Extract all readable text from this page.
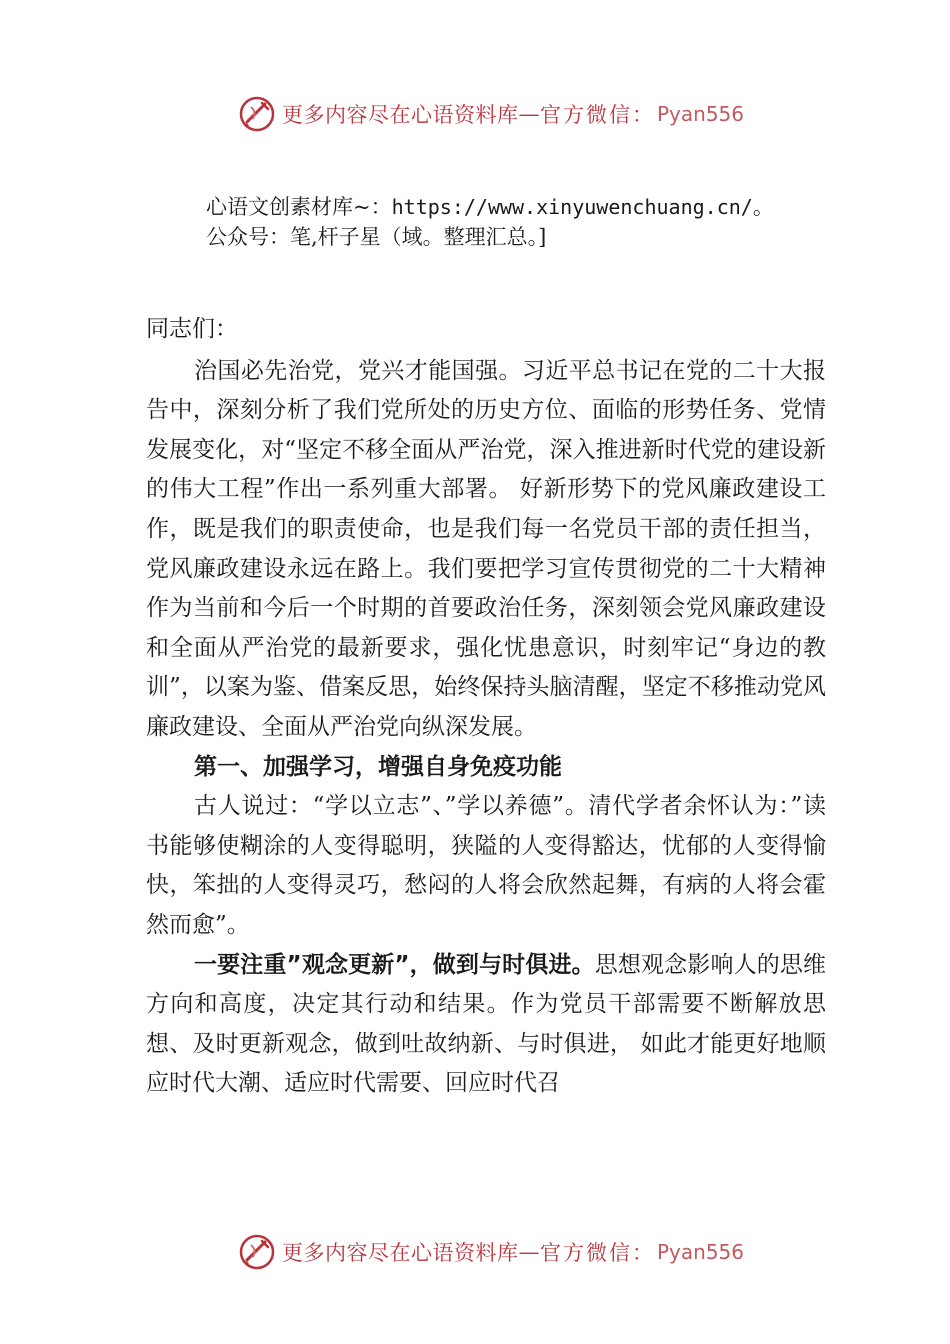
更多内容尽在心语资料库 — 官方微信： Pyan556
心语文创素材库~：https://www.xinyuwenchuang.cn/。
公众号：笔,杆子星（域。整理汇总。]

同志们：

治国必先治党，党兴才能国强。习近平总书记在党的二十大报告中，深刻分析了我们党所处的历史方位、面临的形势任务、党情发展变化，对“坚定不移全面从严治党，深入推进新时代党的建设新的伟大工程”作出一系列重大部署。 好新形势下的党风廉政建设工作，既是我们的职责使命，也是我们每一名党员干部的责任担当，党风廉政建设永远在路上。我们要把学习宣传贯彻党的二十大精神作为当前和今后一个时期的首要政治任务，深刻领会党风廉政建设和全面从严治党的最新要求，强化忧患意识，时刻牢记“身边的教训”，以案为鉴、借案反思，始终保持头脑清醒，坚定不移推动党风廉政建设、全面从严治党向纵深发展。

第一、加强学习，增强自身免疫功能

古人说过：“学以立志”、”学以养德”。清代学者余怀认为：”读书能够使糊涂的人变得聪明，狭隘的人变得豁达，忧郁的人变得愉快，笨拙的人变得灵巧，愁闷的人将会欣然起舞，有病的人将会霍然而愈”。

一要注重”观念更新”，做到与时俱进。思想观念影响人的思维方向和高度，决定其行动和结果。作为党员干部需要不断解放思想、及时更新观念，做到吐故纳新、与时俱进， 如此才能更好地顺应时代大潮、适应时代需要、回应时代召

更多内容尽在心语资料库 — 官方微信： Pyan556
